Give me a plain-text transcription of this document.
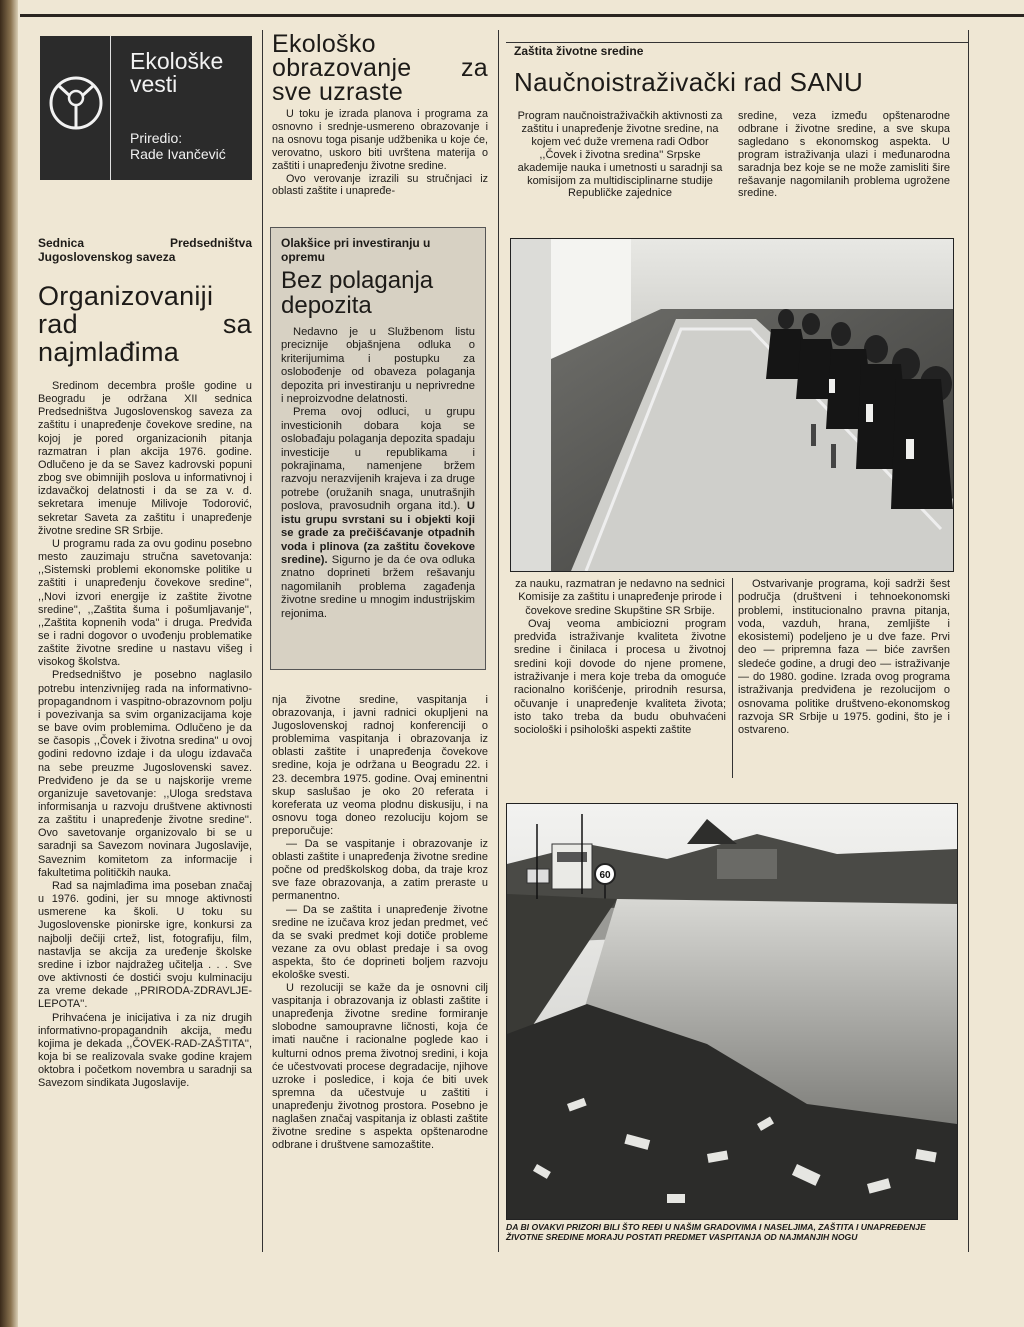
Ekološke
vesti
Priredio:
Rade Ivančević
Sednica Predsedništva Jugoslovenskog saveza
Organizovaniji rad sa najmlađima

Sredinom decembra prošle godine u Beogradu je održana XII sednica Predsedništva Jugoslovenskog saveza za zaštitu i unapređenje čovekove sredine, na kojoj je pored organizacionih pitanja razmatran i plan akcija 1976. godine. Odlučeno je da se Savez kadrovski popuni zbog sve obimnijih poslova u informativnoj i izdavačkoj delatnosti i da se za v. d. sekretara imenuje Milivoje Todorović, sekretar Saveta za zaštitu i unapređenje životne sredine SR Srbije.

U programu rada za ovu godinu posebno mesto zauzimaju stručna savetovanja: ,,Sistemski problemi ekonomske politike u zaštiti i unapređenju čovekove sredine'', ,,Novi izvori energije iz zaštite životne sredine'', ,,Zaštita šuma i pošumljavanje'', ,,Zaštita kopnenih voda'' i druga. Predviđa se i radni dogovor o uvođenju problematike zaštite životne sredine u nastavu višeg i visokog školstva.

Predsedništvo je posebno naglasilo potrebu intenzivnijeg rada na informativno-propagandnom i vaspitno-obrazovnom polju i povezivanja sa svim organizacijama koje se bave ovim problemima. Odlučeno je da se časopis ,,Čovek i životna sredina'' u ovoj godini redovno izdaje i da ulogu izdavača na sebe preuzme Jugoslovenski savez. Predviđeno je da se u najskorije vreme organizuje savetovanje: ,,Uloga sredstava informisanja u razvoju društvene aktivnosti za zaštitu i unapređenje životne sredine''. Ovo savetovanje organizovalo bi se u saradnji sa Savezom novinara Jugoslavije, Saveznim komitetom za informacije i fakultetima političkih nauka.

Rad sa najmlađima ima poseban značaj u 1976. godini, jer su mnoge aktivnosti usmerene ka školi. U toku su Jugoslovenske pionirske igre, konkursi za najbolji dečiji crtež, list, fotografiju, film, nastavlja se akcija za uređenje školske sredine i izbor najdražeg učitelja . . . Sve ove aktivnosti će dostići svoju kulminaciju za vreme dekade ,,PRIRODA-ZDRAVLJE-LEPOTA''.

Prihvaćena je inicijativa i za niz drugih informativno-propagandnih akcija, među kojima je dekada ,,ČOVEK-RAD-ZAŠTITA'', koja bi se realizovala svake godine krajem oktobra i početkom novembra u saradnji sa Savezom sindikata Jugoslavije.

Ekološko obrazovanje za sve uzraste

U toku je izrada planova i programa za osnovno i srednje-usmereno obrazovanje i na osnovu toga pisanje udžbenika u koje će, verovatno, uskoro biti uvrštena materija o zaštiti i unapređenju životne sredine.

Ovo verovanje izrazili su stručnjaci iz oblasti zaštite i unapređe-

Olakšice pri investiranju u opremu
Bez polaganja depozita

Nedavno je u Službenom listu preciznije objašnjena odluka o kriterijumima i postupku za oslobođenje od obaveza polaganja depozita pri investiranju u neprivredne i neproizvodne delatnosti.

Prema ovoj odluci, u grupu investicionih dobara koja se oslobađaju polaganja depozita spadaju investicije u republikama i pokrajinama, namenjene bržem razvoju nerazvijenih krajeva i za druge potrebe (oružanih snaga, unutrašnjih poslova, pravosudnih organa itd.). U istu grupu svrstani su i objekti koji se grade za prečišćavanje otpadnih voda i plinova (za zaštitu čovekove sredine). Sigurno je da će ova odluka znatno doprineti bržem rešavanju nagomilanih problema zagađenja životne sredine u mnogim industrijskim rejonima.

nja životne sredine, vaspitanja i obrazovanja, i javni radnici okupljeni na Jugoslovenskoj radnoj konferenciji o problemima vaspitanja i obrazovanja iz oblasti zaštite i unapređenja čovekove sredine, koja je održana u Beogradu 22. i 23. decembra 1975. godine. Ovaj eminentni skup saslušao je oko 20 referata i koreferata uz veoma plodnu diskusiju, i na osnovu toga doneo rezoluciju kojom se preporučuje:

— Da se vaspitanje i obrazovanje iz oblasti zaštite i unapređenja životne sredine počne od predškolskog doba, da traje kroz sve faze obrazovanja, a zatim preraste u permanentno.

— Da se zaštita i unapređenje životne sredine ne izučava kroz jedan predmet, već da se svaki predmet koji dotiče probleme vezane za ovu oblast predaje i sa ovog aspekta, što će doprineti boljem razvoju ekološke svesti.

U rezoluciji se kaže da je osnovni cilj vaspitanja i obrazovanja iz oblasti zaštite i unapređenja životne sredine formiranje slobodne samoupravne ličnosti, koja će imati naučne i racionalne poglede kao i kulturni odnos prema životnoj sredini, i koja će učestvovati procese degradacije, njihove uzroke i posledice, i koja će biti uvek spremna da učestvuje u zaštiti i unapređenju životnog prostora. Posebno je naglašen značaj vaspitanja iz oblasti zaštite životne sredine s aspekta opštenarodne odbrane i društvene samozaštite.

Zaštita životne sredine
Naučnoistraživački rad SANU
Program naučnoistraživačkih aktivnosti za zaštitu i unapređenje životne sredine, na kojem već duže vremena radi Odbor ,,Čovek i životna sredina'' Srpske akademije nauka i umetnosti u saradnji sa komisijom za multidisciplinarne studije Republičke zajednice
sredine, veza između opštenarodne odbrane i životne sredine, a sve skupa sagledano s ekonomskog aspekta. U program istraživanja ulazi i međunarodna saradnja bez koje se ne može zamisliti šire rešavanje nagomilanih problema ugrožene sredine.

za nauku, razmatran je nedavno na sednici Komisije za zaštitu i unapređenje prirode i čovekove sredine Skupštine SR Srbije.

Ovaj veoma ambiciozni program predviđa istraživanje kvaliteta životne sredine i činilaca i procesa u životnoj sredini koji dovode do njene promene, istraživanje i mera koje treba da omoguće racionalno korišćenje, prirodnih resursa, očuvanje i unapređenje kvaliteta života; isto tako treba da budu obuhvaćeni sociološki i psihološki aspekti zaštite

Ostvarivanje programa, koji sadrži šest područja (društveni i tehnoekonomski problemi, institucionalno pravna pitanja, voda, vazduh, hrana, zemljište i ekosistemi) podeljeno je u dve faze. Prvi deo — pripremna faza — biće završen sledeće godine, a drugi deo — istraživanje — do 1980. godine. Izrada ovog programa istraživanja predviđena je rezolucijom o osnovama politike društveno-ekonomskog razvoja SR Srbije u 1975. godini, što je i ostvareno.

60
DA BI OVAKVI PRIZORI BILI ŠTO REĐI U NAŠIM GRADOVIMA I NASELJIMA, ZAŠTITA I UNAPREĐENJE ŽIVOTNE SREDINE MORAJU POSTATI PREDMET VASPITANJA OD NAJMANJIH NOGU
